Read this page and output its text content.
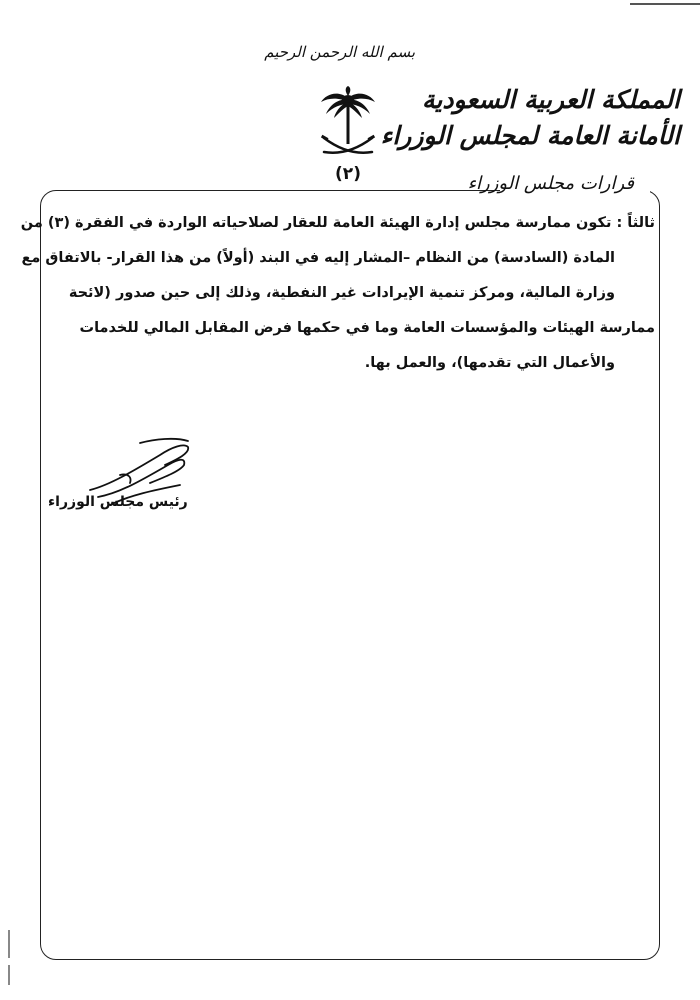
بسم الله الرحمن الرحيم
(٢)
المملكة العربية السعودية
الأمانة العامة لمجلس الوزراء
قرارات مجلس الوزراء
ثالثاً : تكون ممارسة مجلس إدارة الهيئة العامة للعقار لصلاحياته الواردة في الفقرة (٣) من
المادة (السادسة) من النظام –المشار إليه في البند (أولاً) من هذا القرار- بالاتفاق مع
وزارة المالية، ومركز تنمية الإيرادات غير النفطية، وذلك إلى حين صدور (لائحة
ممارسة الهيئات والمؤسسات العامة وما في حكمها فرض المقابل المالي للخدمات
والأعمال التي تقدمها)، والعمل بها.
رئيس مجلس الوزراء
